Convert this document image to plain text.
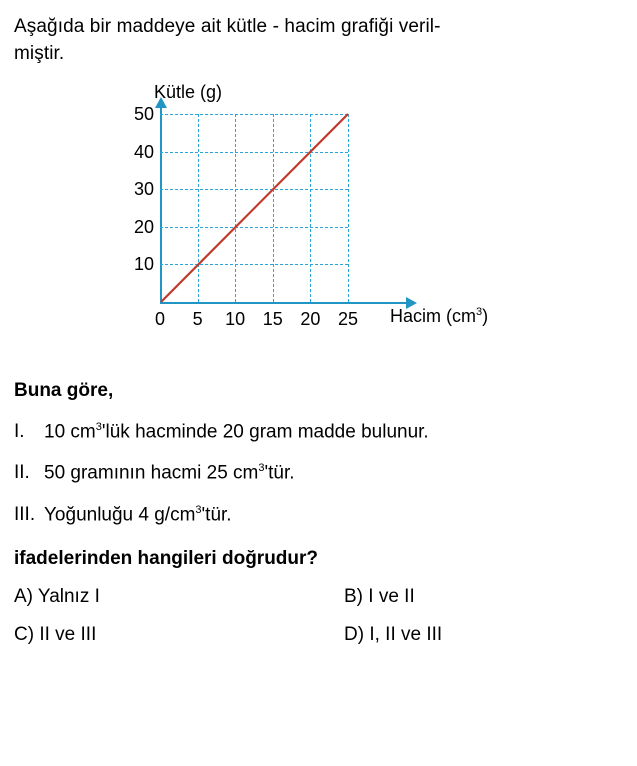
Aşağıda bir maddeye ait kütle - hacim grafiği veril-
miştir.
Kütle (g)
Hacim $(cm^3)$
10
20
30
40
50
0 5 10 15 20 25
Buna göre,
I.	10 $cm^3'lük$ hacminde 20 gram madde bulunur.
II. 50 gramının hacmi 25 $cm^3'tür$.
III. Yoğunluğu 4 $g/cm^3'tür$.
ifadelerinden hangileri doğrudur?
A) Yalnız I	B) I ve II
C) II ve III	D) I, II ve III
